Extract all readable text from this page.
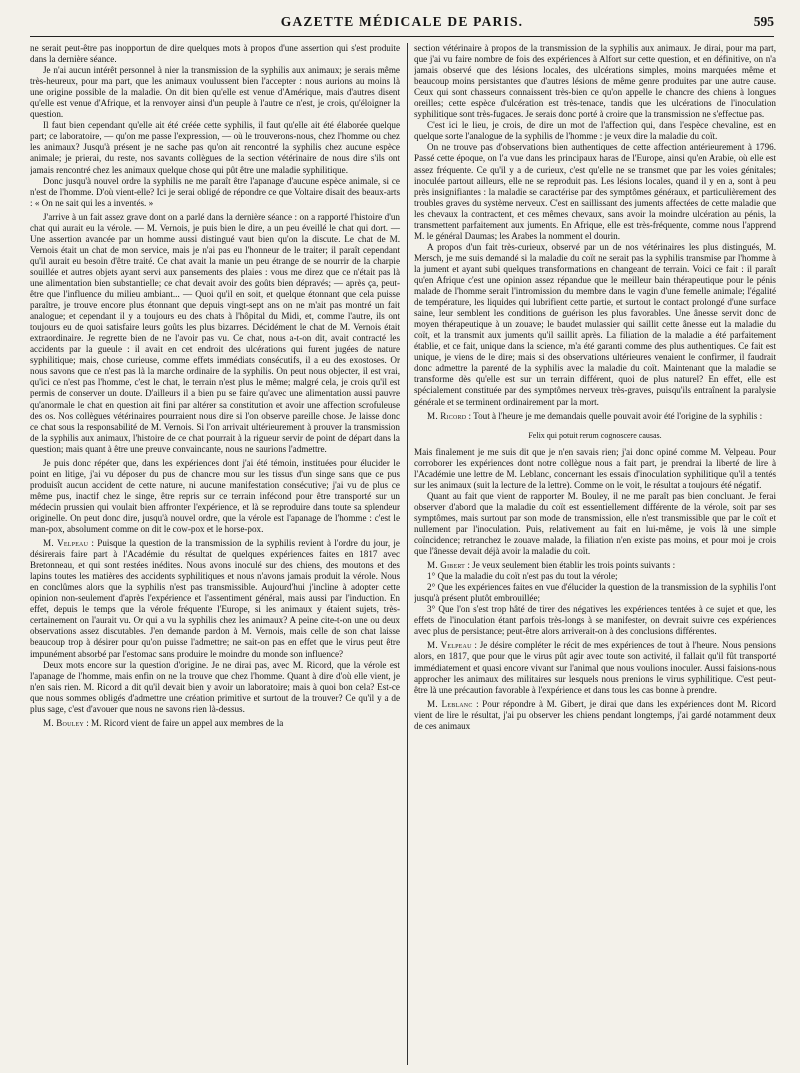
GAZETTE MÉDICALE DE PARIS.	595

ne serait peut-être pas inopportun de dire quelques mots à propos d'une assertion qui s'est produite dans la dernière séance.

Je n'ai aucun intérêt personnel à nier la transmission de la syphilis aux animaux; je serais même très-heureux, pour ma part, que les animaux voulussent bien l'accepter : nous aurions au moins là une origine possible de la maladie. On dit bien qu'elle est venue d'Amérique, mais d'autres disent qu'elle est venue d'Afrique, et la renvoyer ainsi d'un peuple à l'autre ce n'est, je crois, qu'éloigner la question.

Il faut bien cependant qu'elle ait été créée cette syphilis, il faut qu'elle ait été élaborée quelque part; ce laboratoire, — qu'on me passe l'expression, — où le trouverons-nous, chez l'homme ou chez les animaux? Jusqu'à présent je ne sache pas qu'on ait rencontré la syphilis chez aucune espèce animale; je prierai, du reste, nos savants collègues de la section vétérinaire de nous dire s'ils ont jamais rencontré chez les animaux quelque chose qui pût être une maladie syphilitique.

Donc jusqu'à nouvel ordre la syphilis ne me paraît être l'apanage d'aucune espèce animale, si ce n'est de l'homme. D'où vient-elle? Ici je serai obligé de répondre ce que Voltaire disait des beaux-arts : « On ne sait qui les a inventés. »

J'arrive à un fait assez grave dont on a parlé dans la dernière séance : on a rapporté l'histoire d'un chat qui aurait eu la vérole. — M. Vernois, je puis bien le dire, a un peu éveillé le chat qui dort. — Une assertion avancée par un homme aussi distingué vaut bien qu'on la discute. Le chat de M. Vernois était un chat de mon service, mais je n'ai pas eu l'honneur de le traiter; il paraît cependant qu'il aurait eu besoin d'être traité. Ce chat avait la manie un peu étrange de se nourrir de la charpie souillée et autres objets ayant servi aux pansements des plaies : vous me direz que ce n'était pas là une alimentation bien substantielle; ce chat devait avoir des goûts bien dépravés; — après ça, peut-être que l'influence du milieu ambiant... — Quoi qu'il en soit, et quelque étonnant que cela puisse paraître, je trouve encore plus étonnant que depuis vingt-sept ans on ne m'ait pas montré un fait analogue; et cependant il y a toujours eu des chats à l'hôpital du Midi, et, comme l'autre, ils ont toujours eu de quoi satisfaire leurs goûts les plus bizarres. Décidément le chat de M. Vernois était extraordinaire. Je regrette bien de ne l'avoir pas vu. Ce chat, nous a-t-on dit, avait contracté les accidents par la gueule : il avait en cet endroit des ulcérations qui furent jugées de nature syphilitique; mais, chose curieuse, comme effets immédiats consécutifs, il a eu des exostoses. Or nous savons que ce n'est pas là la marche ordinaire de la syphilis. On peut nous objecter, il est vrai, qu'ici ce n'est pas l'homme, c'est le chat, le terrain n'est plus le même; malgré cela, je crois qu'il est permis de conserver un doute. D'ailleurs il a bien pu se faire qu'avec une alimentation aussi pauvre qu'anormale le chat en question ait fini par altérer sa constitution et avoir une affection scrofuleuse des os. Nos collègues vétérinaires pourraient nous dire si l'on observe pareille chose. Je laisse donc ce chat sous la responsabilité de M. Vernois. Si l'on arrivait ultérieurement à prouver la transmission de la syphilis aux animaux, l'histoire de ce chat pourrait à la rigueur servir de point de départ dans la question; mais quant à être une preuve convaincante, nous ne saurions l'admettre.

Je puis donc répéter que, dans les expériences dont j'ai été témoin, instituées pour élucider le point en litige, j'ai vu déposer du pus de chancre mou sur les tissus d'un singe sans que ce pus produisît aucun accident de cette nature, ni aucune manifestation consécutive; j'ai vu de plus ce même pus, inactif chez le singe, être repris sur ce terrain infécond pour être transporté sur un médecin prussien qui voulait bien affronter l'expérience, et là se reproduire dans toute sa splendeur originelle. On peut donc dire, jusqu'à nouvel ordre, que la vérole est l'apanage de l'homme : c'est le man-pox, absolument comme on dit le cow-pox et le horse-pox.

M. Velpeau : Puisque la question de la transmission de la syphilis revient à l'ordre du jour, je désirerais faire part à l'Académie du résultat de quelques expériences faites en 1817 avec Bretonneau, et qui sont restées inédites. Nous avons inoculé sur des chiens, des moutons et des lapins toutes les matières des accidents syphilitiques et nous n'avons jamais produit la vérole. Nous en conclûmes alors que la syphilis n'est pas transmissible. Aujourd'hui j'incline à adopter cette opinion non-seulement d'après l'expérience et l'assentiment général, mais aussi par l'induction. En effet, depuis le temps que la vérole fréquente l'Europe, si les animaux y étaient sujets, très-certainement on l'aurait vu. Or qui a vu la syphilis chez les animaux? A peine cite-t-on une ou deux observations assez discutables. J'en demande pardon à M. Vernois, mais celle de son chat laisse beaucoup trop à désirer pour qu'on puisse l'admettre; ne sait-on pas en effet que le virus peut être impunément absorbé par l'estomac sans produire le moindre du monde son influence?

Deux mots encore sur la question d'origine. Je ne dirai pas, avec M. Ricord, que la vérole est l'apanage de l'homme, mais enfin on ne la trouve que chez l'homme. Quant à dire d'où elle vient, je n'en sais rien. M. Ricord a dit qu'il devait bien y avoir un laboratoire; mais à quoi bon cela? Est-ce que nous sommes obligés d'admettre une création primitive et surtout de la trouver? Ce qu'il y a de plus sage, c'est d'avouer que nous ne savons rien là-dessus.

M. Bouley : M. Ricord vient de faire un appel aux membres de la

section vétérinaire à propos de la transmission de la syphilis aux animaux. Je dirai, pour ma part, que j'ai vu faire nombre de fois des expériences à Alfort sur cette question, et en définitive, on n'a jamais observé que des lésions locales, des ulcérations simples, moins marquées même et beaucoup moins persistantes que d'autres lésions de même genre produites par une autre cause. Ceux qui sont chasseurs connaissent très-bien ce qu'on appelle le chancre des chiens à longues oreilles; cette espèce d'ulcération est très-tenace, tandis que les ulcérations de l'inoculation syphilitique sont très-fugaces. Je serais donc porté à croire que la transmission ne s'effectue pas.

C'est ici le lieu, je crois, de dire un mot de l'affection qui, dans l'espèce chevaline, est en quelque sorte l'analogue de la syphilis de l'homme : je veux dire la maladie du coït.

On ne trouve pas d'observations bien authentiques de cette affection antérieurement à 1796. Passé cette époque, on l'a vue dans les principaux haras de l'Europe, ainsi qu'en Arabie, où elle est assez fréquente. Ce qu'il y a de curieux, c'est qu'elle ne se transmet que par les voies génitales; inoculée partout ailleurs, elle ne se reproduit pas. Les lésions locales, quand il y en a, sont à peu près insignifiantes : la maladie se caractérise par des symptômes généraux, et particulièrement des troubles graves du système nerveux. C'est en saillissant des juments affectées de cette maladie que les chevaux la contractent, et ces mêmes chevaux, sans avoir la moindre ulcération au pénis, la transmettent parfaitement aux juments. En Afrique, elle est très-fréquente, comme nous l'apprend M. le général Daumas; les Arabes la nomment el dourin.

A propos d'un fait très-curieux, observé par un de nos vétérinaires les plus distingués, M. Mersch, je me suis demandé si la maladie du coït ne serait pas la syphilis transmise par l'homme à la jument et ayant subi quelques transformations en changeant de terrain. Voici ce fait : il paraît qu'en Afrique c'est une opinion assez répandue que le meilleur bain thérapeutique pour le pénis malade de l'homme serait l'intromission du membre dans le vagin d'une femelle animale; l'égalité de température, les liquides qui lubrifient cette partie, et surtout le contact prolongé d'une surface saine, leur semblent les conditions de guérison les plus favorables. Une ânesse servit donc de moyen thérapeutique à un zouave; le baudet mulassier qui saillit cette ânesse eut la maladie du coït, et la transmit aux juments qu'il saillit après. La filiation de la maladie a été parfaitement établie, et ce fait, unique dans la science, m'a été garanti comme des plus authentiques. Ce fait est unique, je viens de le dire; mais si des observations ultérieures venaient le confirmer, il faudrait donc admettre la parenté de la syphilis avec la maladie du coït. Maintenant que la maladie se transforme dès qu'elle est sur un terrain différent, quoi de plus naturel? En effet, elle est spécialement constituée par des symptômes nerveux très-graves, puisqu'ils entraînent la paralysie générale et se terminent ordinairement par la mort.

M. Ricord : Tout à l'heure je me demandais quelle pouvait avoir été l'origine de la syphilis :

Felix qui potuit rerum cognoscere causas.

Mais finalement je me suis dit que je n'en savais rien; j'ai donc opiné comme M. Velpeau. Pour corroborer les expériences dont notre collègue nous a fait part, je prendrai la liberté de lire à l'Académie une lettre de M. Leblanc, concernant les essais d'inoculation syphilitique qu'il a tentés sur les animaux (suit la lecture de la lettre). Comme on le voit, le résultat a toujours été négatif.

Quant au fait que vient de rapporter M. Bouley, il ne me paraît pas bien concluant. Je ferai observer d'abord que la maladie du coït est essentiellement différente de la vérole, soit par ses symptômes, mais surtout par son mode de transmission, elle n'est transmissible que par le coït et nullement par l'inoculation. Puis, relativement au fait en lui-même, je vois là une simple coïncidence; retranchez le zouave malade, la filiation n'en existe pas moins, et pour moi je crois que l'ânesse devait déjà avoir la maladie du coït.

M. Gibert : Je veux seulement bien établir les trois points suivants :

1° Que la maladie du coït n'est pas du tout la vérole;

2° Que les expériences faites en vue d'élucider la question de la transmission de la syphilis l'ont jusqu'à présent plutôt embrouillée;

3° Que l'on s'est trop hâté de tirer des négatives les expériences tentées à ce sujet et que, les effets de l'inoculation étant parfois très-longs à se manifester, on devrait suivre ces expériences avec plus de persistance; peut-être alors arriverait-on à des conclusions différentes.

M. Velpeau : Je désire compléter le récit de mes expériences de tout à l'heure. Nous pensions alors, en 1817, que pour que le virus pût agir avec toute son activité, il fallait qu'il fût transporté immédiatement et quasi encore vivant sur l'animal que nous voulions inoculer. Aussi faisions-nous approcher les animaux des militaires sur lesquels nous prenions le virus syphilitique. C'est peut-être là une précaution favorable à l'expérience et dans tous les cas bonne à prendre.

M. Leblanc : Pour répondre à M. Gibert, je dirai que dans les expériences dont M. Ricord vient de lire le résultat, j'ai pu observer les chiens pendant longtemps, j'ai gardé notamment deux de ces animaux
